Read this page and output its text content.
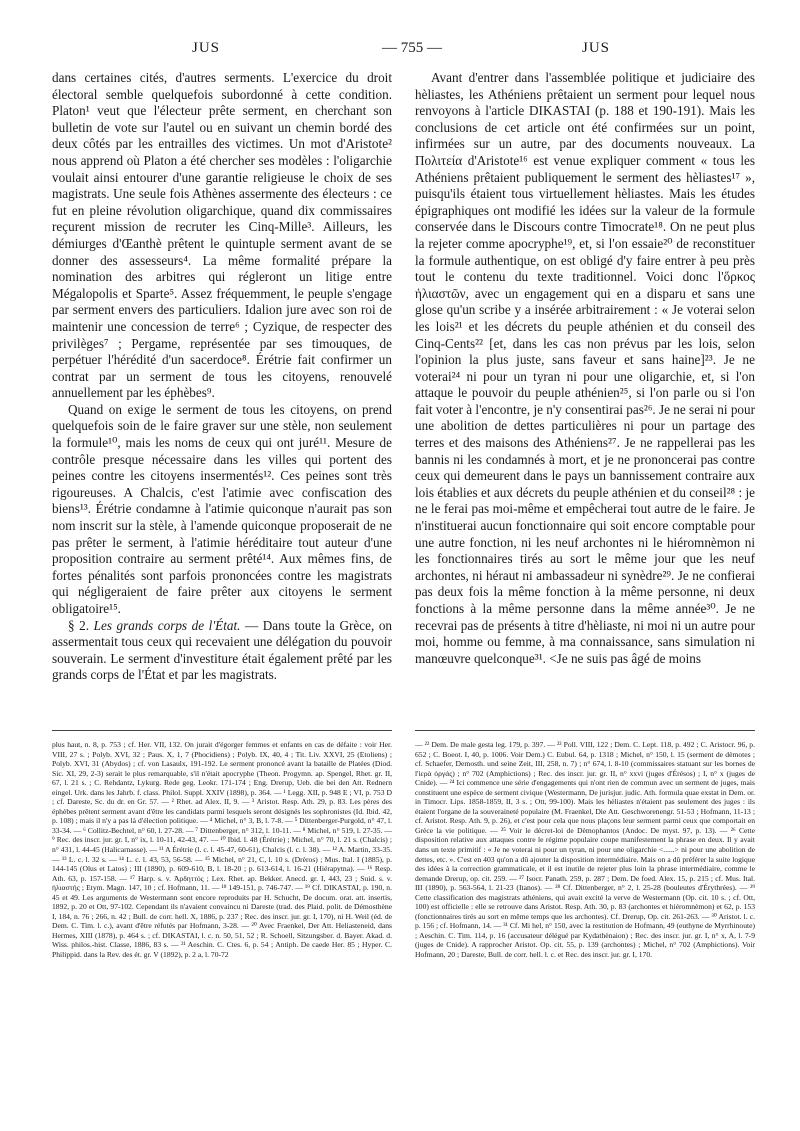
JUS	— 755 —	JUS

dans certaines cités, d'autres serments. L'exercice du droit électoral semble quelquefois subordonné à cette condition. Platon¹ veut que l'électeur prête serment, en cherchant son bulletin de vote sur l'autel ou en suivant un chemin bordé des deux côtés par les entrailles des victimes. Un mot d'Aristote² nous apprend où Platon a été chercher ses modèles : l'oligarchie voulait ainsi entourer d'une garantie religieuse le choix de ses magistrats. Une seule fois Athènes assermente des électeurs : ce fut en pleine révolution oligarchique, quand dix commissaires reçurent mission de recruter les Cinq-Mille³. Ailleurs, les démiurges d'Œanthè prêtent le quintuple serment avant de se donner des assesseurs⁴. La même formalité prépare la nomination des arbitres qui régleront un litige entre Mégalopolis et Sparte⁵. Assez fréquemment, le peuple s'engage par serment envers des particuliers. Idalion jure avec son roi de maintenir une concession de terre⁶ ; Cyzique, de respecter des privilèges⁷ ; Pergame, représentée par ses timouques, de perpétuer l'hérédité d'un sacerdoce⁸. Érétrie fait confirmer un contrat par un serment de tous les citoyens, renouvelé annuellement par les éphèbes⁹.

Quand on exige le serment de tous les citoyens, on prend quelquefois soin de le faire graver sur une stèle, non seulement la formule¹⁰, mais les noms de ceux qui ont juré¹¹. Mesure de contrôle presque nécessaire dans les villes qui portent des peines contre les citoyens insermentés¹². Ces peines sont très rigoureuses. A Chalcis, c'est l'atimie avec confiscation des biens¹³. Érétrie condamne à l'atimie quiconque n'aurait pas son nom inscrit sur la stèle, à l'amende quiconque proposerait de ne pas prêter le serment, à l'atimie héréditaire tout auteur d'une proposition contraire au serment prêté¹⁴. Aux mêmes fins, de fortes pénalités sont parfois prononcées contre les magistrats qui négligeraient de faire prêter aux citoyens le serment obligatoire¹⁵.

§ 2. Les grands corps de l'État. — Dans toute la Grèce, on assermentait tous ceux qui recevaient une délégation du pouvoir souverain. Le serment d'investiture était également prêté par les grands corps de l'État et par les magistrats.

Avant d'entrer dans l'assemblée politique et judiciaire des hèliastes, les Athéniens prêtaient un serment pour lequel nous renvoyons à l'article DIKASTAI (p. 188 et 190-191). Mais les conclusions de cet article ont été confirmées sur un point, infirmées sur un autre, par des documents nouveaux. La Πολιτεία d'Aristote¹⁶ est venue expliquer comment « tous les Athéniens prêtaient publiquement le serment des hèliastes¹⁷ », puisqu'ils étaient tous virtuellement hèliastes. Mais les études épigraphiques ont modifié les idées sur la valeur de la formule conservée dans le Discours contre Timocrate¹⁸. On ne peut plus la rejeter comme apocryphe¹⁹, et, si l'on essaie²⁰ de reconstituer la formule authentique, on est obligé d'y faire entrer à peu près tout le contenu du texte traditionnel. Voici donc l'ὅρκος ἡλιαστῶν, avec un engagement qui en a disparu et sans une glose qu'un scribe y a insérée arbitrairement : « Je voterai selon les lois²¹ et les décrets du peuple athénien et du conseil des Cinq-Cents²² [et, dans les cas non prévus par les lois, selon l'opinion la plus juste, sans faveur et sans haine]²³. Je ne voterai²⁴ ni pour un tyran ni pour une oligarchie, et, si l'on attaque le pouvoir du peuple athénien²⁵, si l'on parle ou si l'on fait voter à l'encontre, je n'y consentirai pas²⁶. Je ne serai ni pour une abolition de dettes particulières ni pour un partage des terres et des maisons des Athéniens²⁷. Je ne rappellerai pas les bannis ni les condamnés à mort, et je ne prononcerai pas contre ceux qui demeurent dans le pays un bannissement contraire aux lois établies et aux décrets du peuple athénien et du conseil²⁸ : je ne le ferai pas moi-même et empêcherai tout autre de le faire. Je n'instituerai aucun fonctionnaire qui soit encore comptable pour une autre fonction, ni les neuf archontes ni le hiéromnèmon ni les fonctionnaires tirés au sort le même jour que les neuf archontes, ni héraut ni ambassadeur ni synèdre²⁹. Je ne confierai pas deux fois la même fonction à la même personne, ni deux fonctions à la même personne dans la même année³⁰. Je ne recevrai pas de présents à titre d'hèliaste, ni moi ni un autre pour moi, homme ou femme, à ma connaissance, sans simulation ni manœuvre quelconque³¹. <Je ne suis pas âgé de moins

plus haut, n. 8, p. 753 ; cf. Her. VII, 132. On jurait d'égorger femmes et enfants en cas de défaite : voir Her. VIII, 27 s. ; Polyb. XVI, 32 ; Paus. X, 1, 7 (Phocidiens) ; Polyb. IX, 40, 4 ; Tit. Liv. XXVI, 25 (Etoliens) ; Polyb. XVI, 31 (Abydos) ; cf. von Lasaulx, 191-192. Le serment prononcé avant la bataille de Platées (Diod. Sic. XI, 29, 2-3) serait le plus remarquable, s'il n'était apocryphe (Theon. Progymn. ap. Spengel, Rhet. gr. II, 67, l. 21 s. ; C. Rehdantz, Lykurg. Rede geg. Leokr. 171-174 ; Eng. Drerup, Ueb. die bei den Att. Rednern eingel. Urk. dans les Jahrb. f. class. Philol. Suppl. XXIV (1898), p. 364. — ¹ Legg. XII, p. 948 E ; VI, p. 753 D ; cf. Dareste, Sc. du dr. en Gr. 57. — ² Rhet. ad Alex. II, 9. — ³ Aristot. Resp. Ath. 29, p. 83. Les pères des éphèbes prêtent serment avant d'être les candidats parmi lesquels seront désignés les sophronistes (Id. Ibid. 42, p. 108) ; mais il n'y a pas là d'élection politique. — ⁴ Michel, n° 3, B, l. 7-8. — ⁵ Dittenberger-Purgold, n° 47, l. 33-34. — ⁶ Collitz-Bechtel, n° 60, l. 27-28. — ⁷ Dittenberger, n° 312, l. 10-11. — ⁸ Michel, n° 519, l. 27-35. — ⁹ Rec. des inscr. jur. gr. I, n° ix, l. 10-11, 42-43, 47. — ¹⁰ Ibid. l. 48 (Érétrie) ; Michel, n° 70, l. 21 s. (Chalcis) ; n° 431, l. 44-45 (Halicarnasse). — ¹¹ A Érétrie (l. c. l. 45-47, 60-61), Chalcis (l. c. l. 38). — ¹² A. Martin, 33-35. — ¹³ L. c. l. 32 s. — ¹⁴ L. c. l. 43, 53, 56-58. — ¹⁵ Michel, n° 21, C, l. 10 s. (Drèros) ; Mus. Ital. I (1885), p. 144-145 (Olus et Latos) ; III (1890), p. 609-610, B, l. 18-20 ; p. 613-614, l. 16-21 (Hiérapytna). — ¹⁶ Resp. Ath. 63, p. 157-158. — ¹⁷ Harp. s. v. Ἀρδηττός ; Lex. Rhet. ap. Bekker. Anecd. gr. I, 443, 23 ; Suid. s. v. ἡλιαστής ; Etym. Magn. 147, 10 ; cf. Hofmann, 11. — ¹⁸ 149-151, p. 746-747. — ¹⁹ Cf. DIKASTAI, p. 190, n. 45 et 49. Les arguments de Westermann sont encore reproduits par H. Schucht, De docum. orat. att. insertis, 1892, p. 20 et Ott, 97-102. Cependant ils n'avaient convaincu ni Dareste (trad. des Plaid. polit. de Démosthène I, 184, n. 76 ; 266, n. 42 ; Bull. de corr. hell. X, 1886, p. 237 ; Rec. des inscr. jur. gr. I, 170), ni H. Weil (éd. de Dem. C. Tim. l. c.), avant d'être réfutés par Hofmann, 3-28. — ²⁰ Avec Fraenkel, Der Att. Heliasteneid, dans Hermes, XIII (1878), p. 464 s. ; cf. DIKASTAI, l. c. n. 50, 51, 52 ; R. Schoell, Sitzungsber. d. Bayer. Akad. d. Wiss. philos.-hist. Classe, 1886, 83 s. — ²¹ Aeschin. C. Ctes. 6, p. 54 ; Antiph. De caede Her. 85 ; Hyper. C. Philippid. dans la Rev. des ét. gr. V (1892), p. 2 a, l. 70-72

— ²² Dem. De male gesta leg. 179, p. 397. — ²³ Poll. VIII, 122 ; Dem. C. Lept. 118, p. 492 ; C. Aristocr. 96, p. 652 ; C. Boeot. I, 40, p. 1006. Voir Dem.) C. Eubul. 64, p. 1318 ; Michel, n° 150, l. 15 (serment de dèmotes ; cf. Schaefer, Demosth. und seine Zeit, III, 258, n. 7) ; n° 674, l. 8-10 (commissaires statuant sur les bornes de l'ἱερὰ ὀργάς) ; n° 702 (Amphictions) ; Rec. des inscr. jur. gr. II, n° xxvi (juges d'Érésos) ; I, n° x (juges de Cnide). — ²⁴ Ici commence une série d'engagements qui n'ont rien de commun avec un serment de juges, mais constituent une espèce de serment civique (Westermann, De jurisjur. judic. Ath. formula quae exstat in Dem. or. in Timocr. Lips. 1858-1859, II, 3 s. ; Ott, 99-100). Mais les hèliastes n'étaient pas seulement des juges : ils étaient l'organe de la souveraineté populaire (M. Fraenkel, Die Att. Geschworenengr. 51-53 ; Hofmann, 11-13 ; cf. Aristot. Resp. Ath. 9, p. 26), et c'est pour cela que nous plaçons leur serment parmi ceux que comportait en Grèce la vie politique. — ²⁵ Voir le décret-loi de Dèmophantos (Andoc. De myst. 97, p. 13). — ²⁶ Cette disposition relative aux attaques contre le régime populaire coupe manifestement la phrase en deux. Il y avait dans un texte primitif : « Je ne voterai ni pour un tyran, ni pour une oligarchie <......> ni pour une abolition de dettes, etc. ». C'est en 403 qu'on a dû ajouter la disposition intermédiaire. Mais on a dû préférer la suite logique des idées à la correction grammaticale, et il est inutile de rejeter plus loin la phrase intermédiaire, comme le demande Drerup, op. cit. 259. — ²⁷ Isocr. Panath. 259, p. 287 ; Dem. De foed. Alex. 15, p. 215 ; cf. Mus. Ital. III (1890), p. 563-564, l. 21-23 (Itanos). — ²⁸ Cf. Dittenberger, n° 2, l. 25-28 (bouleutes d'Érythrées). — ²⁹ Cette classification des magistrats athéniens, qui avait excité la verve de Westermann (Op. cit. 10 s. ; cf. Ott, 100) est officielle : elle se retrouve dans Aristot. Resp. Ath. 30, p. 83 (archontes et hiéromnèmon) et 62, p. 153 (fonctionnaires tirés au sort en même temps que les archontes). Cf. Drerup, Op. cit. 261-263. — ³⁰ Aristot. l. c. p. 156 ; cf. Hofmann, 14. — ³¹ Cf. Mi hel, n° 150, avec la restitution de Hofmann, 49 (euthyne de Myrrhinoute) ; Aeschin. C. Tim. 114, p. 16 (accusateur délégué par Kydathènaion) ; Rec. des inscr. jur. gr. I, n° x, A, l. 7-9 (juges de Cnide). A rapprocher Aristot. Op. cit. 55, p. 139 (archontes) ; Michel, n° 702 (Amphictions). Voir Hofmann, 20 ; Dareste, Bull. de corr. hell. l. c. et Rec. des inscr. jur. gr. I, 170.
